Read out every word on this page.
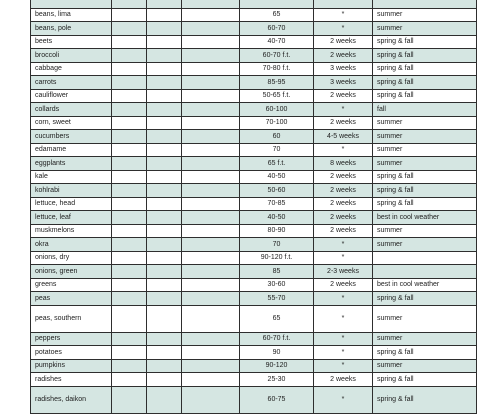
beans, lima				65	*	summer
beans, pole				60-70	*	summer
beets				40-70	2 weeks	spring & fall
broccoli				60-70 f.t.	2 weeks	spring & fall
cabbage				70-80 f.t.	3 weeks	spring & fall
carrots				85-95	3 weeks	spring & fall
cauliflower				50-65 f.t.	2 weeks	spring & fall
collards				60-100	*	fall
corn, sweet				70-100	2 weeks	summer
cucumbers				60	4-5 weeks	summer
edamame				70	*	summer
eggplants				65 f.t.	8 weeks	summer
kale				40-50	2 weeks	spring & fall
kohlrabi				50-60	2 weeks	spring & fall
lettuce, head				70-85	2 weeks	spring & fall
lettuce, leaf				40-50	2 weeks	best in cool weather
muskmelons				80-90	2 weeks	summer
okra				70	*	summer
onions, dry				90-120 f.t.	*	
onions, green				85	2-3 weeks	
greens				30-60	2 weeks	best in cool weather
peas				55-70	*	spring & fall
peas, southern				65	*	summer
peppers				60-70 f.t.	*	summer
potatoes				90	*	spring & fall
pumpkins				90-120	*	summer
radishes				25-30	2 weeks	spring & fall
radishes, daikon				60-75	*	spring & fall
